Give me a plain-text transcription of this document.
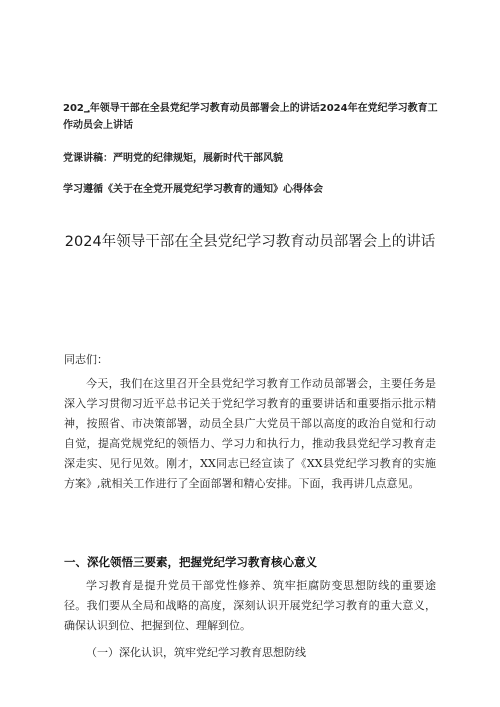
202؀年领导干部在全县党纪学习教育动员部署会上的讲话2024年在党纪学习教育工作动员会上讲话
党课讲稿：严明党的纪律规矩，展新时代干部风貌
学习遵循《关于在全党开展党纪学习教育的通知》心得体会
2024年领导干部在全县党纪学习教育动员部署会上的讲话
同志们：
今天，我们在这里召开全县党纪学习教育工作动员部署会，主要任务是深入学习贯彻习近平总书记关于党纪学习教育的重要讲话和重要指示批示精神，按照省、市决策部署，动员全县广大党员干部以高度的政治自觉和行动自觉，提高党规党纪的领悟力、学习力和执行力，推动我县党纪学习教育走深走实、见行见效。刚才，XX同志已经宣读了《XX县党纪学习教育的实施方案》,就相关工作进行了全面部署和精心安排。下面，我再讲几点意见。
一、深化领悟三要素，把握党纪学习教育核心意义
学习教育是提升党员干部党性修养、筑牢拒腐防变思想防线的重要途径。我们要从全局和战略的高度，深刻认识开展党纪学习教育的重大意义，确保认识到位、把握到位、理解到位。
（一）深化认识，筑牢党纪学习教育思想防线
